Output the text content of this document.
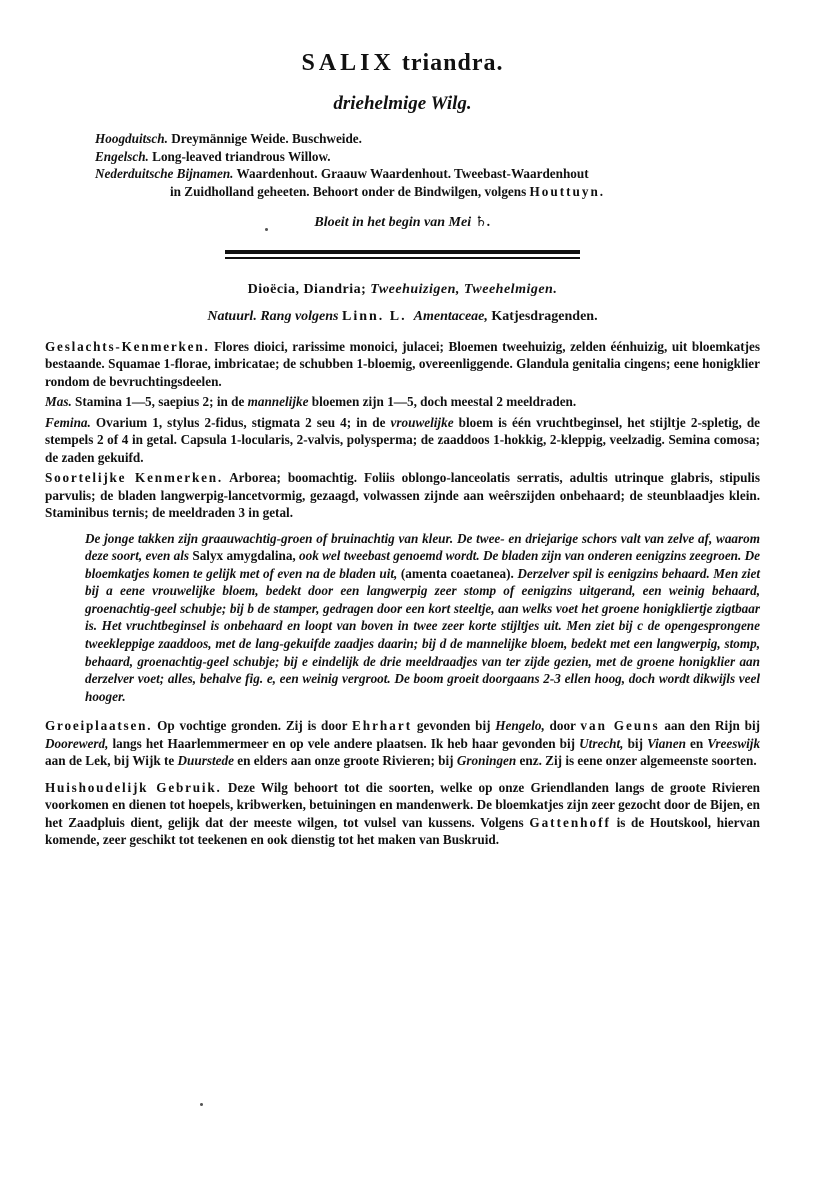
SALIX triandra.
driehelmige Wilg.

Hoogduitsch. Dreymännige Weide. Buschweide.

Engelsch. Long-leaved triandrous Willow.

Nederduitsche Bijnamen. Waardenhout. Graauw Waardenhout. Tweebast-Waardenhout

in Zuidholland geheeten. Behoort onder de Bindwilgen, volgens Houttuyn.

Bloeit in het begin van Mei ♄.
Dioëcia, Diandria; Tweehuizigen, Tweehelmigen.
Natuurl. Rang volgens Linn. L. Amentaceae, Katjesdragenden.

Geslachts-Kenmerken. Flores dioici, rarissime monoici, julacei; Bloemen tweehuizig, zelden éénhuizig, uit bloemkatjes bestaande. Squamae 1-florae, imbricatae; de schubben 1-bloemig, overeenliggende. Glandula genitalia cingens; eene honigklier rondom de bevruchtingsdeelen.

Mas. Stamina 1—5, saepius 2; in de mannelijke bloemen zijn 1—5, doch meestal 2 meeldraden.

Femina. Ovarium 1, stylus 2-fidus, stigmata 2 seu 4; in de vrouwelijke bloem is één vruchtbeginsel, het stijltje 2-spletig, de stempels 2 of 4 in getal. Capsula 1-locularis, 2-valvis, polysperma; de zaaddoos 1-hokkig, 2-kleppig, veelzadig. Semina comosa; de zaden gekuifd.

Soortelijke Kenmerken. Arborea; boomachtig. Foliis oblongo-lanceolatis serratis, adultis utrinque glabris, stipulis parvulis; de bladen langwerpig-lancetvormig, gezaagd, volwassen zijnde aan weêrszijden onbehaard; de steunblaadjes klein. Staminibus ternis; de meeldraden 3 in getal.

De jonge takken zijn graauwachtig-groen of bruinachtig van kleur. De twee- en driejarige schors valt van zelve af, waarom deze soort, even als Salyx amygdalina, ook wel tweebast genoemd wordt. De bladen zijn van onderen eenigzins zeegroen. De bloemkatjes komen te gelijk met of even na de bladen uit, (amenta coaetanea). Derzelver spil is eenigzins behaard. Men ziet bij a eene vrouwelijke bloem, bedekt door een langwerpig zeer stomp of eenigzins uitgerand, een weinig behaard, groenachtig-geel schubje; bij b de stamper, gedragen door een kort steeltje, aan welks voet het groene honigkliertje zigtbaar is. Het vruchtbeginsel is onbehaard en loopt van boven in twee zeer korte stijltjes uit. Men ziet bij c de opengesprongene tweekleppige zaaddoos, met de lang-gekuifde zaadjes daarin; bij d de mannelijke bloem, bedekt met een langwerpig, stomp, behaard, groenachtig-geel schubje; bij e eindelijk de drie meeldraadjes van ter zijde gezien, met de groene honigklier aan derzelver voet; alles, behalve fig. e, een weinig vergroot. De boom groeit doorgaans 2-3 ellen hoog, doch wordt dikwijls veel hooger.

Groeiplaatsen. Op vochtige gronden. Zij is door Ehrhart gevonden bij Hengelo, door van Geuns aan den Rijn bij Doorewerd, langs het Haarlemmermeer en op vele andere plaatsen. Ik heb haar gevonden bij Utrecht, bij Vianen en Vreeswijk aan de Lek, bij Wijk te Duurstede en elders aan onze groote Rivieren; bij Groningen enz. Zij is eene onzer algemeenste soorten.

Huishoudelijk Gebruik. Deze Wilg behoort tot die soorten, welke op onze Griendlanden langs de groote Rivieren voorkomen en dienen tot hoepels, kribwerken, betuiningen en mandenwerk. De bloemkatjes zijn zeer gezocht door de Bijen, en het Zaadpluis dient, gelijk dat der meeste wilgen, tot vulsel van kussens. Volgens Gattenhoff is de Houtskool, hiervan komende, zeer geschikt tot teekenen en ook dienstig tot het maken van Buskruid.
